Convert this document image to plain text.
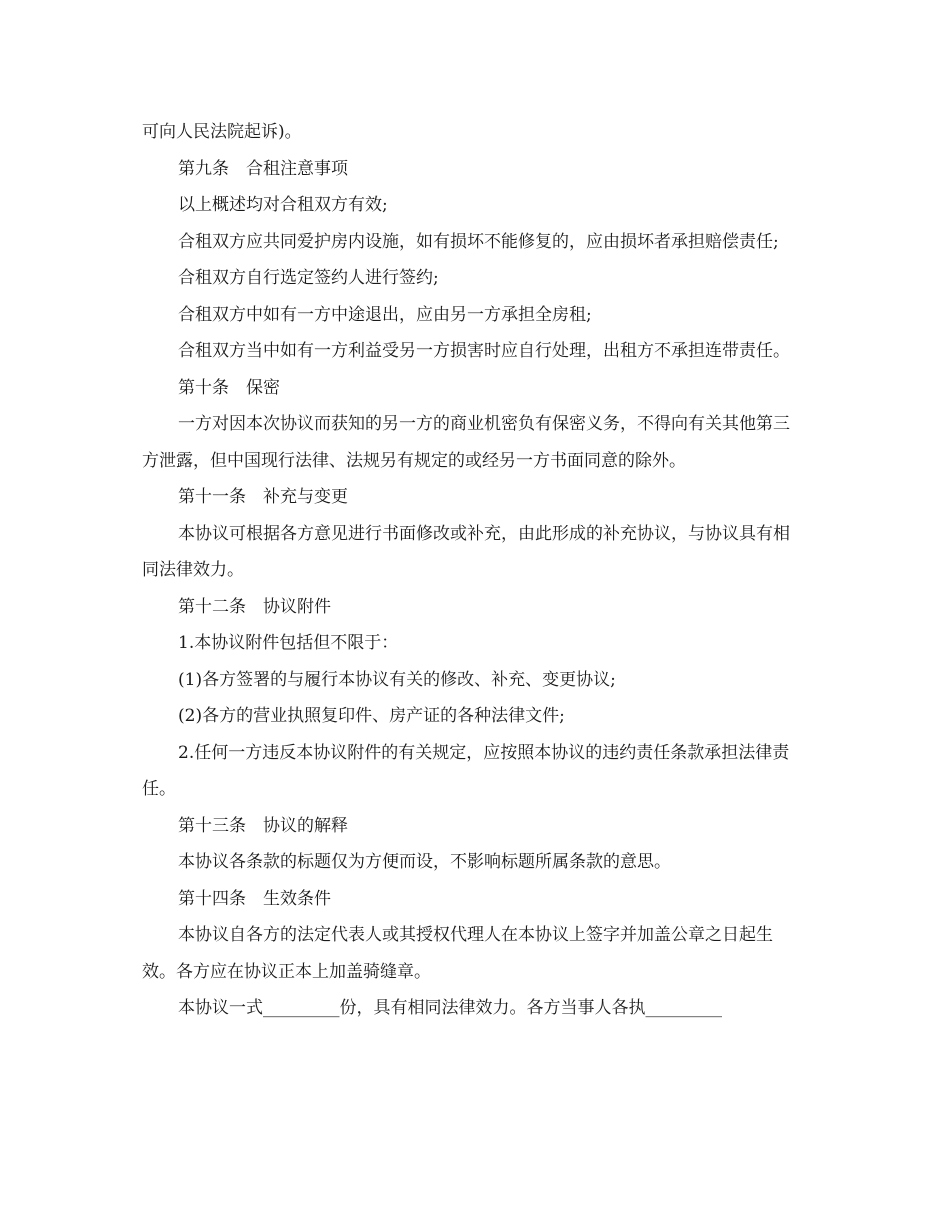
可向人民法院起诉)。

第九条　合租注意事项

以上概述均对合租双方有效;

合租双方应共同爱护房内设施，如有损坏不能修复的，应由损坏者承担赔偿责任;

合租双方自行选定签约人进行签约;

合租双方中如有一方中途退出，应由另一方承担全房租;

合租双方当中如有一方利益受另一方损害时应自行处理，出租方不承担连带责任。

第十条　保密

一方对因本次协议而获知的另一方的商业机密负有保密义务，不得向有关其他第三方泄露，但中国现行法律、法规另有规定的或经另一方书面同意的除外。

第十一条　补充与变更

本协议可根据各方意见进行书面修改或补充，由此形成的补充协议，与协议具有相同法律效力。

第十二条　协议附件

1.本协议附件包括但不限于：

(1)各方签署的与履行本协议有关的修改、补充、变更协议;

(2)各方的营业执照复印件、房产证的各种法律文件;

2.任何一方违反本协议附件的有关规定，应按照本协议的违约责任条款承担法律责任。

第十三条　协议的解释

本协议各条款的标题仅为方便而设，不影响标题所属条款的意思。

第十四条　生效条件

本协议自各方的法定代表人或其授权代理人在本协议上签字并加盖公章之日起生效。各方应在协议正本上加盖骑缝章。

本协议一式_________份，具有相同法律效力。各方当事人各执_________
